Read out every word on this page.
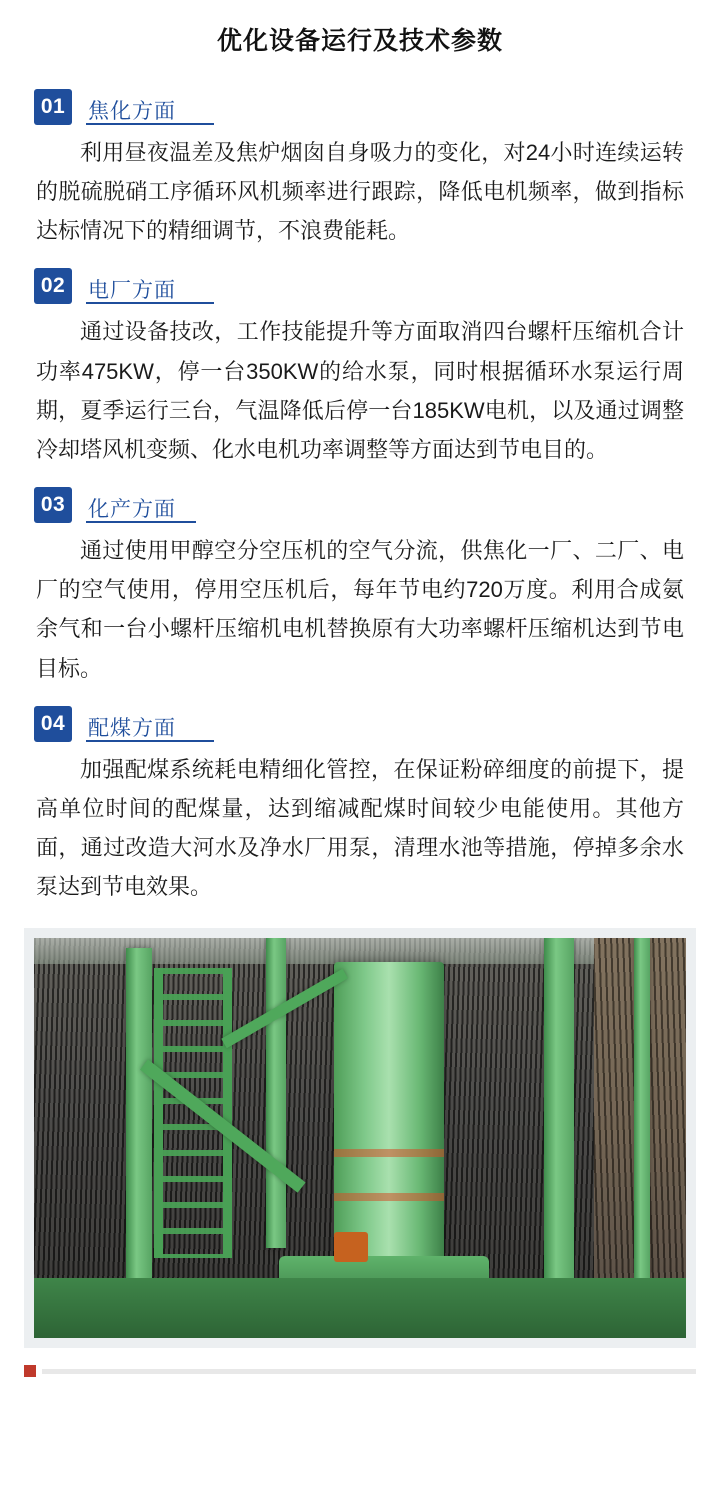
优化设备运行及技术参数
01	焦化方面
利用昼夜温差及焦炉烟囱自身吸力的变化，对24小时连续运转的脱硫脱硝工序循环风机频率进行跟踪，降低电机频率，做到指标达标情况下的精细调节，不浪费能耗。
02	电厂方面
通过设备技改，工作技能提升等方面取消四台螺杆压缩机合计功率475KW，停一台350KW的给水泵，同时根据循环水泵运行周期，夏季运行三台，气温降低后停一台185KW电机，以及通过调整冷却塔风机变频、化水电机功率调整等方面达到节电目的。
03	化产方面
通过使用甲醇空分空压机的空气分流，供焦化一厂、二厂、电厂的空气使用，停用空压机后，每年节电约720万度。利用合成氨余气和一台小螺杆压缩机电机替换原有大功率螺杆压缩机达到节电目标。
04	配煤方面
加强配煤系统耗电精细化管控，在保证粉碎细度的前提下，提高单位时间的配煤量，达到缩减配煤时间较少电能使用。其他方面，通过改造大河水及净水厂用泵，清理水池等措施，停掉多余水泵达到节电效果。
